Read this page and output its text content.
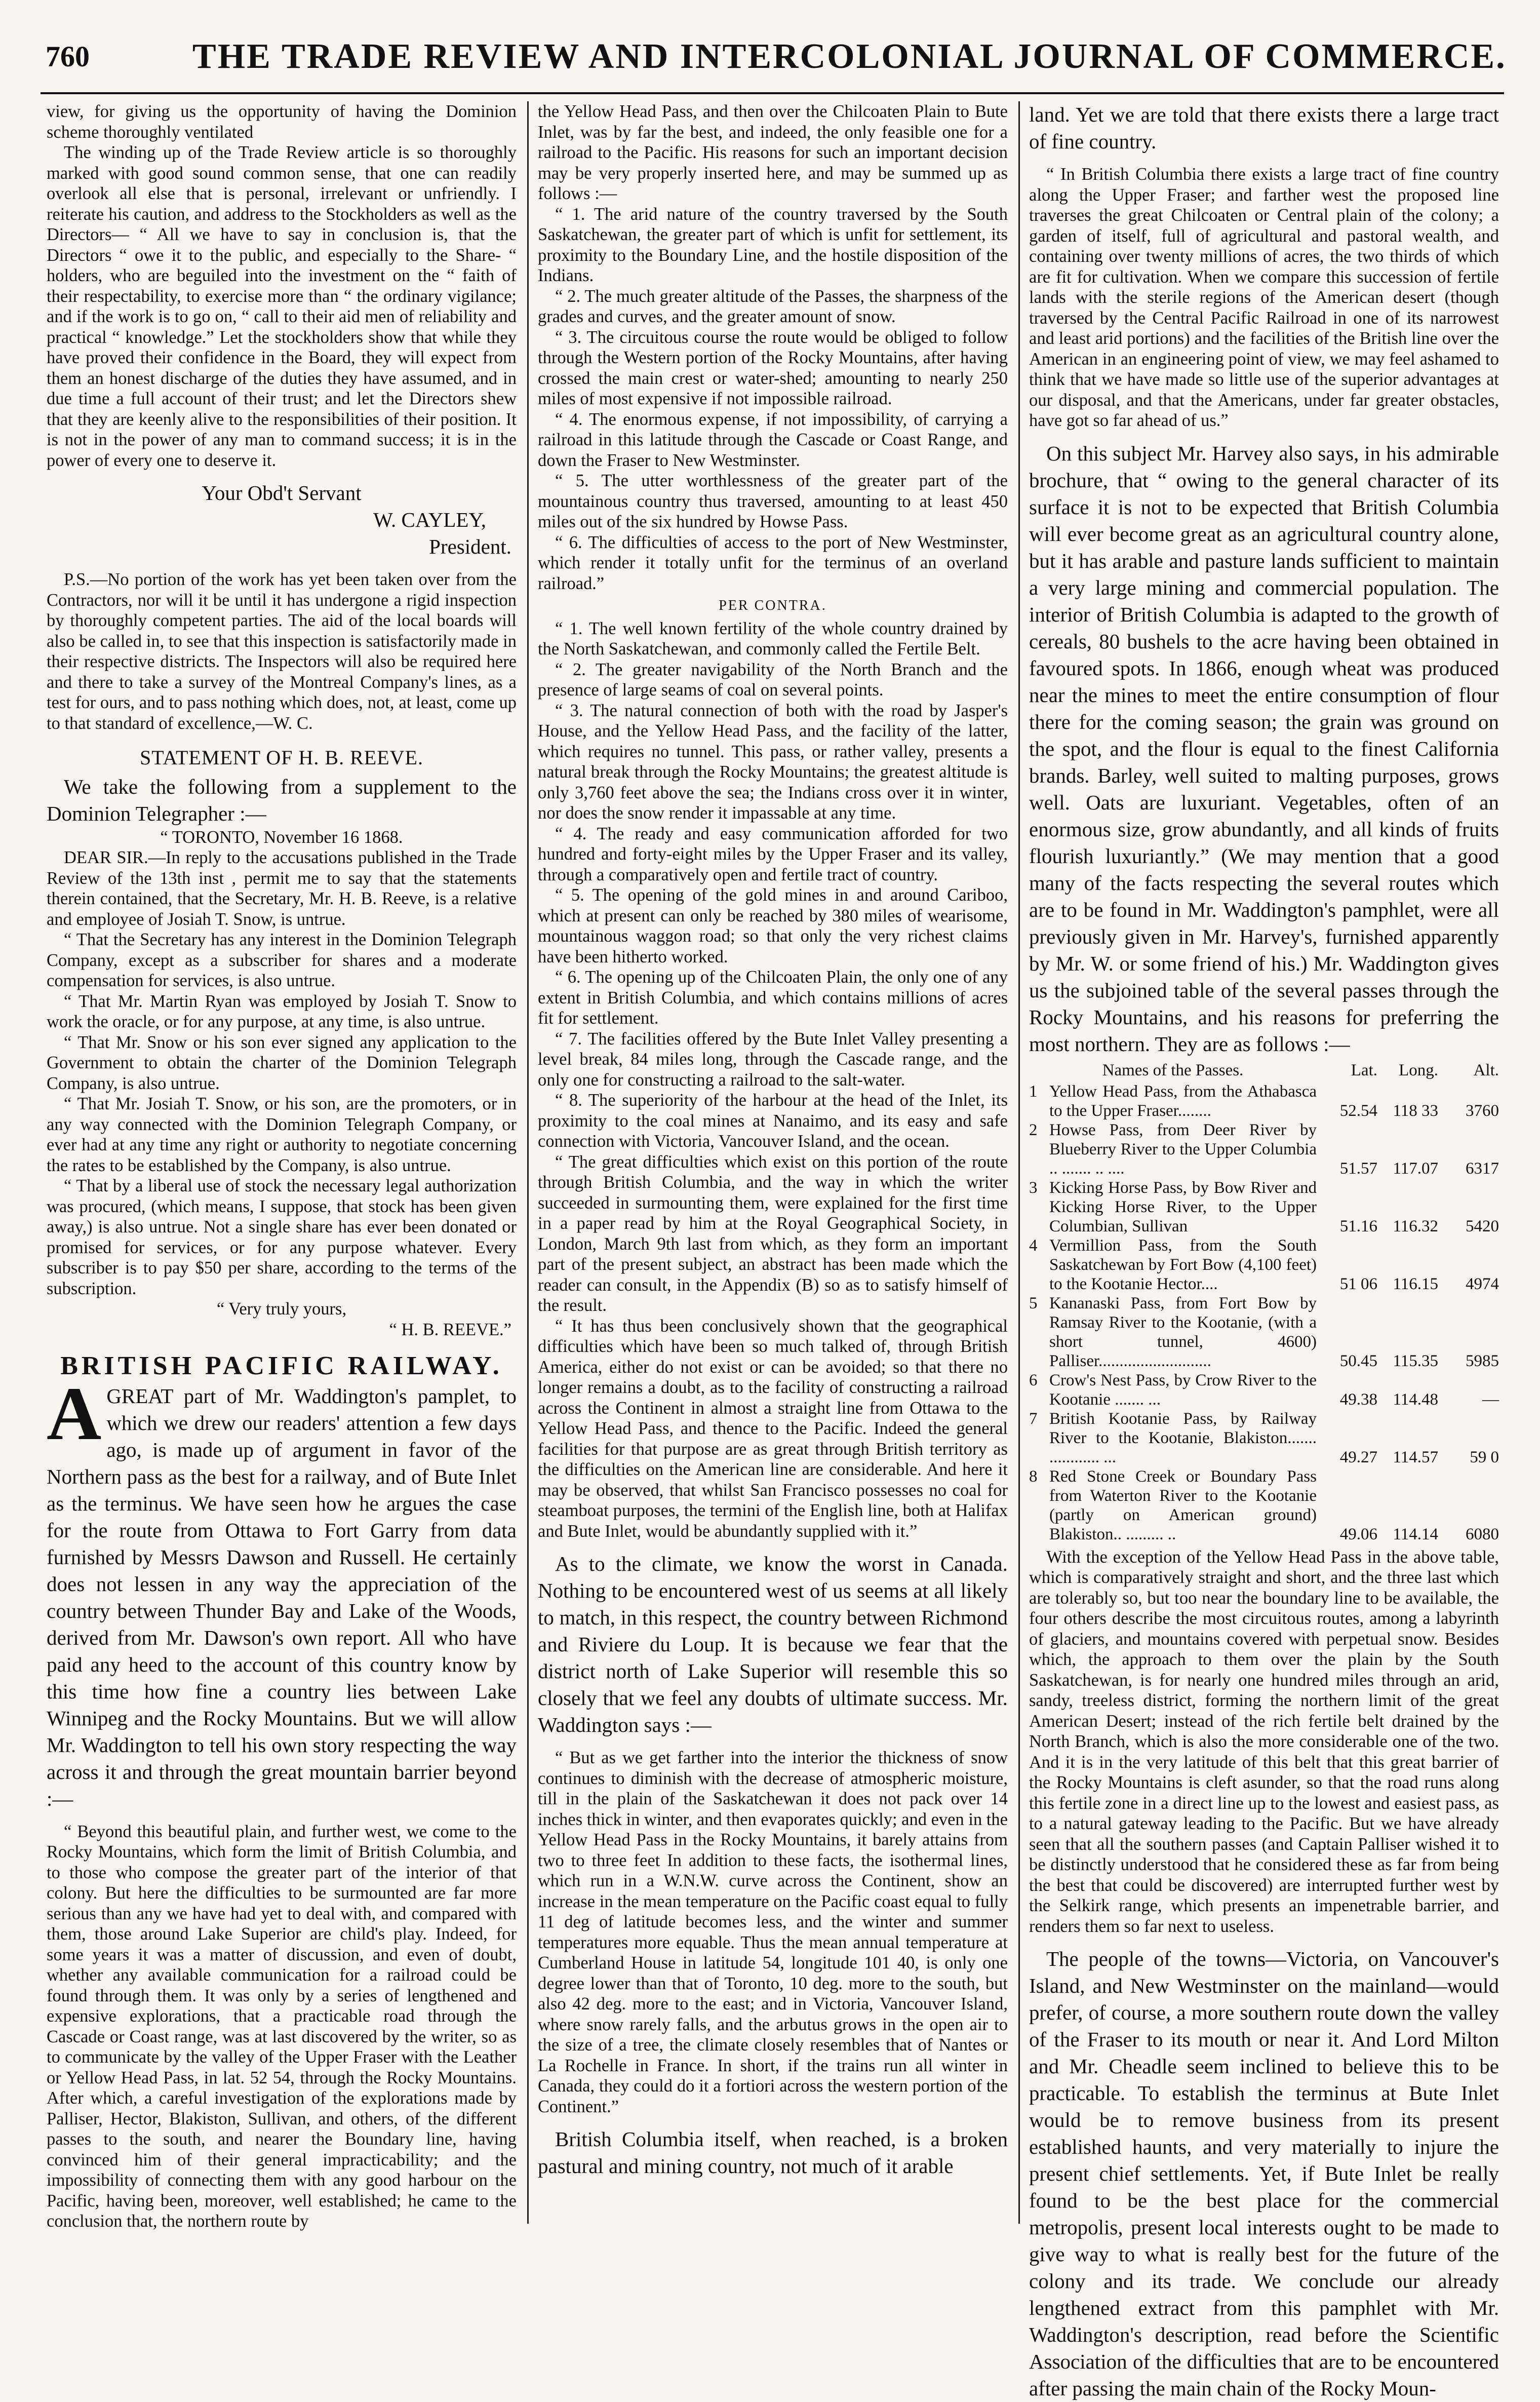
760	THE TRADE REVIEW AND INTERCOLONIAL JOURNAL OF COMMERCE.

view, for giving us the opportunity of having the Dominion scheme thoroughly ventilated

The winding up of the Trade Review article is so thoroughly marked with good sound common sense, that one can readily overlook all else that is personal, irrelevant or unfriendly. I reiterate his caution, and address to the Stockholders as well as the Directors— “ All we have to say in conclusion is, that the Directors “ owe it to the public, and especially to the Share- “ holders, who are beguiled into the investment on the “ faith of their respectability, to exercise more than “ the ordinary vigilance; and if the work is to go on, “ call to their aid men of reliability and practical “ knowledge.” Let the stockholders show that while they have proved their confidence in the Board, they will expect from them an honest discharge of the duties they have assumed, and in due time a full account of their trust; and let the Directors shew that they are keenly alive to the responsibilities of their position. It is not in the power of any man to command success; it is in the power of every one to deserve it.

Your Obd't Servant

W. CAYLEY,

President.

P.S.—No portion of the work has yet been taken over from the Contractors, nor will it be until it has undergone a rigid inspection by thoroughly competent parties. The aid of the local boards will also be called in, to see that this inspection is satisfactorily made in their respective districts. The Inspectors will also be required here and there to take a survey of the Montreal Company's lines, as a test for ours, and to pass nothing which does, not, at least, come up to that standard of excellence,—W. C.

STATEMENT OF H. B. REEVE.

We take the following from a supplement to the Dominion Telegrapher :—

“ TORONTO, November 16 1868.

DEAR SIR.—In reply to the accusations published in the Trade Review of the 13th inst , permit me to say that the statements therein contained, that the Secretary, Mr. H. B. Reeve, is a relative and employee of Josiah T. Snow, is untrue.

“ That the Secretary has any interest in the Dominion Telegraph Company, except as a subscriber for shares and a moderate compensation for services, is also untrue.

“ That Mr. Martin Ryan was employed by Josiah T. Snow to work the oracle, or for any purpose, at any time, is also untrue.

“ That Mr. Snow or his son ever signed any application to the Government to obtain the charter of the Dominion Telegraph Company, is also untrue.

“ That Mr. Josiah T. Snow, or his son, are the promoters, or in any way connected with the Dominion Telegraph Company, or ever had at any time any right or authority to negotiate concerning the rates to be established by the Company, is also untrue.

“ That by a liberal use of stock the necessary legal authorization was procured, (which means, I suppose, that stock has been given away,) is also untrue. Not a single share has ever been donated or promised for services, or for any purpose whatever. Every subscriber is to pay $50 per share, according to the terms of the subscription.

“ Very truly yours,

“ H. B. REEVE.”

BRITISH PACIFIC RAILWAY.

AGREAT part of Mr. Waddington's pamplet, to which we drew our readers' attention a few days ago, is made up of argument in favor of the Northern pass as the best for a railway, and of Bute Inlet as the terminus. We have seen how he argues the case for the route from Ottawa to Fort Garry from data furnished by Messrs Dawson and Russell. He certainly does not lessen in any way the appreciation of the country between Thunder Bay and Lake of the Woods, derived from Mr. Dawson's own report. All who have paid any heed to the account of this country know by this time how fine a country lies between Lake Winnipeg and the Rocky Mountains. But we will allow Mr. Waddington to tell his own story respecting the way across it and through the great mountain barrier beyond :—

“ Beyond this beautiful plain, and further west, we come to the Rocky Mountains, which form the limit of British Columbia, and to those who compose the greater part of the interior of that colony. But here the difficulties to be surmounted are far more serious than any we have had yet to deal with, and compared with them, those around Lake Superior are child's play. Indeed, for some years it was a matter of discussion, and even of doubt, whether any available communication for a railroad could be found through them. It was only by a series of lengthened and expensive explorations, that a practicable road through the Cascade or Coast range, was at last discovered by the writer, so as to communicate by the valley of the Upper Fraser with the Leather or Yellow Head Pass, in lat. 52 54, through the Rocky Mountains. After which, a careful investigation of the explorations made by Palliser, Hector, Blakiston, Sullivan, and others, of the different passes to the south, and nearer the Boundary line, having convinced him of their general impracticability; and the impossibility of connecting them with any good harbour on the Pacific, having been, moreover, well established; he came to the conclusion that, the northern route by

the Yellow Head Pass, and then over the Chilcoaten Plain to Bute Inlet, was by far the best, and indeed, the only feasible one for a railroad to the Pacific. His reasons for such an important decision may be very properly inserted here, and may be summed up as follows :—

“ 1. The arid nature of the country traversed by the South Saskatchewan, the greater part of which is unfit for settlement, its proximity to the Boundary Line, and the hostile disposition of the Indians.

“ 2. The much greater altitude of the Passes, the sharpness of the grades and curves, and the greater amount of snow.

“ 3. The circuitous course the route would be obliged to follow through the Western portion of the Rocky Mountains, after having crossed the main crest or water-shed; amounting to nearly 250 miles of most expensive if not impossible railroad.

“ 4. The enormous expense, if not impossibility, of carrying a railroad in this latitude through the Cascade or Coast Range, and down the Fraser to New Westminster.

“ 5. The utter worthlessness of the greater part of the mountainous country thus traversed, amounting to at least 450 miles out of the six hundred by Howse Pass.

“ 6. The difficulties of access to the port of New Westminster, which render it totally unfit for the terminus of an overland railroad.”

PER CONTRA.

“ 1. The well known fertility of the whole country drained by the North Saskatchewan, and commonly called the Fertile Belt.

“ 2. The greater navigability of the North Branch and the presence of large seams of coal on several points.

“ 3. The natural connection of both with the road by Jasper's House, and the Yellow Head Pass, and the facility of the latter, which requires no tunnel. This pass, or rather valley, presents a natural break through the Rocky Mountains; the greatest altitude is only 3,760 feet above the sea; the Indians cross over it in winter, nor does the snow render it impassable at any time.

“ 4. The ready and easy communication afforded for two hundred and forty-eight miles by the Upper Fraser and its valley, through a comparatively open and fertile tract of country.

“ 5. The opening of the gold mines in and around Cariboo, which at present can only be reached by 380 miles of wearisome, mountainous waggon road; so that only the very richest claims have been hitherto worked.

“ 6. The opening up of the Chilcoaten Plain, the only one of any extent in British Columbia, and which contains millions of acres fit for settlement.

“ 7. The facilities offered by the Bute Inlet Valley presenting a level break, 84 miles long, through the Cascade range, and the only one for constructing a railroad to the salt-water.

“ 8. The superiority of the harbour at the head of the Inlet, its proximity to the coal mines at Nanaimo, and its easy and safe connection with Victoria, Vancouver Island, and the ocean.

“ The great difficulties which exist on this portion of the route through British Columbia, and the way in which the writer succeeded in surmounting them, were explained for the first time in a paper read by him at the Royal Geographical Society, in London, March 9th last from which, as they form an important part of the present subject, an abstract has been made which the reader can consult, in the Appendix (B) so as to satisfy himself of the result.

“ It has thus been conclusively shown that the geographical difficulties which have been so much talked of, through British America, either do not exist or can be avoided; so that there no longer remains a doubt, as to the facility of constructing a railroad across the Continent in almost a straight line from Ottawa to the Yellow Head Pass, and thence to the Pacific. Indeed the general facilities for that purpose are as great through British territory as the difficulties on the American line are considerable. And here it may be observed, that whilst San Francisco possesses no coal for steamboat purposes, the termini of the English line, both at Halifax and Bute Inlet, would be abundantly supplied with it.”

As to the climate, we know the worst in Canada. Nothing to be encountered west of us seems at all likely to match, in this respect, the country between Richmond and Riviere du Loup. It is because we fear that the district north of Lake Superior will resemble this so closely that we feel any doubts of ultimate success. Mr. Waddington says :—

“ But as we get farther into the interior the thickness of snow continues to diminish with the decrease of atmospheric moisture, till in the plain of the Saskatchewan it does not pack over 14 inches thick in winter, and then evaporates quickly; and even in the Yellow Head Pass in the Rocky Mountains, it barely attains from two to three feet In addition to these facts, the isothermal lines, which run in a W.N.W. curve across the Continent, show an increase in the mean temperature on the Pacific coast equal to fully 11 deg of latitude becomes less, and the winter and summer temperatures more equable. Thus the mean annual temperature at Cumberland House in latitude 54, longitude 101 40, is only one degree lower than that of Toronto, 10 deg. more to the south, but also 42 deg. more to the east; and in Victoria, Vancouver Island, where snow rarely falls, and the arbutus grows in the open air to the size of a tree, the climate closely resembles that of Nantes or La Rochelle in France. In short, if the trains run all winter in Canada, they could do it a fortiori across the western portion of the Continent.”

British Columbia itself, when reached, is a broken pastural and mining country, not much of it arable

land. Yet we are told that there exists there a large tract of fine country.

“ In British Columbia there exists a large tract of fine country along the Upper Fraser; and farther west the proposed line traverses the great Chilcoaten or Central plain of the colony; a garden of itself, full of agricultural and pastoral wealth, and containing over twenty millions of acres, the two thirds of which are fit for cultivation. When we compare this succession of fertile lands with the sterile regions of the American desert (though traversed by the Central Pacific Railroad in one of its narrowest and least arid portions) and the facilities of the British line over the American in an engineering point of view, we may feel ashamed to think that we have made so little use of the superior advantages at our disposal, and that the Americans, under far greater obstacles, have got so far ahead of us.”

On this subject Mr. Harvey also says, in his admirable brochure, that “ owing to the general character of its surface it is not to be expected that British Columbia will ever become great as an agricultural country alone, but it has arable and pasture lands sufficient to maintain a very large mining and commercial population. The interior of British Columbia is adapted to the growth of cereals, 80 bushels to the acre having been obtained in favoured spots. In 1866, enough wheat was produced near the mines to meet the entire consumption of flour there for the coming season; the grain was ground on the spot, and the flour is equal to the finest California brands. Barley, well suited to malting purposes, grows well. Oats are luxuriant. Vegetables, often of an enormous size, grow abundantly, and all kinds of fruits flourish luxuriantly.” (We may mention that a good many of the facts respecting the several routes which are to be found in Mr. Waddington's pamphlet, were all previously given in Mr. Harvey's, furnished apparently by Mr. W. or some friend of his.) Mr. Waddington gives us the subjoined table of the several passes through the Rocky Mountains, and his reasons for preferring the most northern. They are as follows :—

Names of the Passes.		Lat.	Long.	Alt.
1	Yellow Head Pass, from the Athabasca to the Upper Fraser........	52.54	118 33	3760
2	Howse Pass, from Deer River by Blueberry River to the Upper Columbia .. ....... .. ....	51.57	117.07	6317
3	Kicking Horse Pass, by Bow River and Kicking Horse River, to the Upper Columbian, Sullivan	51.16	116.32	5420
4	Vermillion Pass, from the South Saskatchewan by Fort Bow (4,100 feet) to the Kootanie Hector....	51 06	116.15	4974
5	Kananaski Pass, from Fort Bow by Ramsay River to the Kootanie, (with a short tunnel, 4600) Palliser...........................	50.45	115.35	5985
6	Crow's Nest Pass, by Crow River to the Kootanie ....... ...	49.38	114.48	—
7	British Kootanie Pass, by Railway River to the Kootanie, Blakiston....... ............ ...	49.27	114.57	59 0
8	Red Stone Creek or Boundary Pass from Waterton River to the Kootanie (partly on American ground) Blakiston.. ......... ..	49.06	114.14	6080

With the exception of the Yellow Head Pass in the above table, which is comparatively straight and short, and the three last which are tolerably so, but too near the boundary line to be available, the four others describe the most circuitous routes, among a labyrinth of glaciers, and mountains covered with perpetual snow. Besides which, the approach to them over the plain by the South Saskatchewan, is for nearly one hundred miles through an arid, sandy, treeless district, forming the northern limit of the great American Desert; instead of the rich fertile belt drained by the North Branch, which is also the more considerable one of the two. And it is in the very latitude of this belt that this great barrier of the Rocky Mountains is cleft asunder, so that the road runs along this fertile zone in a direct line up to the lowest and easiest pass, as to a natural gateway leading to the Pacific. But we have already seen that all the southern passes (and Captain Palliser wished it to be distinctly understood that he considered these as far from being the best that could be discovered) are interrupted further west by the Selkirk range, which presents an impenetrable barrier, and renders them so far next to useless.

The people of the towns—Victoria, on Vancouver's Island, and New Westminster on the mainland—would prefer, of course, a more southern route down the valley of the Fraser to its mouth or near it. And Lord Milton and Mr. Cheadle seem inclined to believe this to be practicable. To establish the terminus at Bute Inlet would be to remove business from its present established haunts, and very materially to injure the present chief settlements. Yet, if Bute Inlet be really found to be the best place for the commercial metropolis, present local interests ought to be made to give way to what is really best for the future of the colony and its trade. We conclude our already lengthened extract from this pamphlet with Mr. Waddington's description, read before the Scientific Association of the difficulties that are to be encountered after passing the main chain of the Rocky Moun-
